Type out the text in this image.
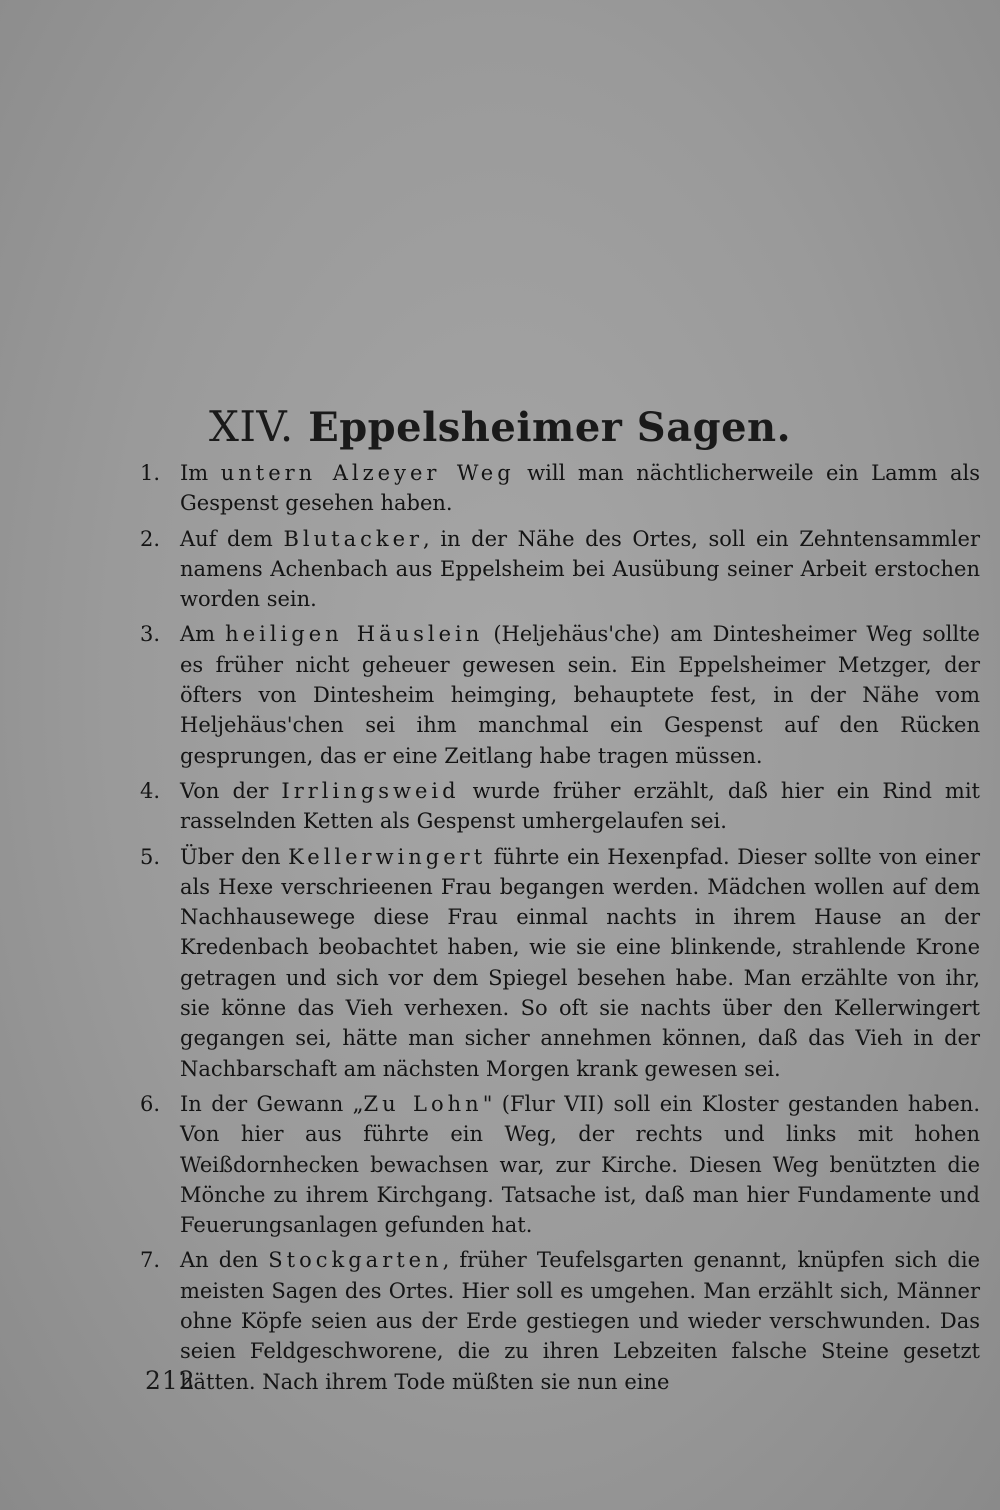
XIV. Eppelsheimer Sagen.
1. Im untern Alzeyer Weg will man nächtlicherweile ein Lamm als Gespenst gesehen haben.
2. Auf dem Blutacker, in der Nähe des Ortes, soll ein Zehntensammler namens Achenbach aus Eppelsheim bei Ausübung seiner Arbeit erstochen worden sein.
3. Am heiligen Häuslein (Heljehäus'che) am Dintesheimer Weg sollte es früher nicht geheuer gewesen sein. Ein Eppelsheimer Metzger, der öfters von Dintesheim heimging, behauptete fest, in der Nähe vom Heljehäus'chen sei ihm manchmal ein Gespenst auf den Rücken gesprungen, das er eine Zeitlang habe tragen müssen.
4. Von der Irrlingsweid wurde früher erzählt, daß hier ein Rind mit rasselnden Ketten als Gespenst umhergelaufen sei.
5. Über den Kellerwingert führte ein Hexenpfad. Dieser sollte von einer als Hexe verschrieenen Frau begangen werden. Mädchen wollen auf dem Nachhausewege diese Frau einmal nachts in ihrem Hause an der Kredenbach beobachtet haben, wie sie eine blinkende, strahlende Krone getragen und sich vor dem Spiegel besehen habe. Man erzählte von ihr, sie könne das Vieh verhexen. So oft sie nachts über den Kellerwingert gegangen sei, hätte man sicher annehmen können, daß das Vieh in der Nachbarschaft am nächsten Morgen krank gewesen sei.
6. In der Gewann „Zu Lohn" (Flur VII) soll ein Kloster gestanden haben. Von hier aus führte ein Weg, der rechts und links mit hohen Weißdornhecken bewachsen war, zur Kirche. Diesen Weg benützten die Mönche zu ihrem Kirchgang. Tatsache ist, daß man hier Fundamente und Feuerungsanlagen gefunden hat.
7. An den Stockgarten, früher Teufelsgarten genannt, knüpfen sich die meisten Sagen des Ortes. Hier soll es umgehen. Man erzählt sich, Männer ohne Köpfe seien aus der Erde gestiegen und wieder verschwunden. Das seien Feldgeschworene, die zu ihren Lebzeiten falsche Steine gesetzt hätten. Nach ihrem Tode müßten sie nun eine
212
